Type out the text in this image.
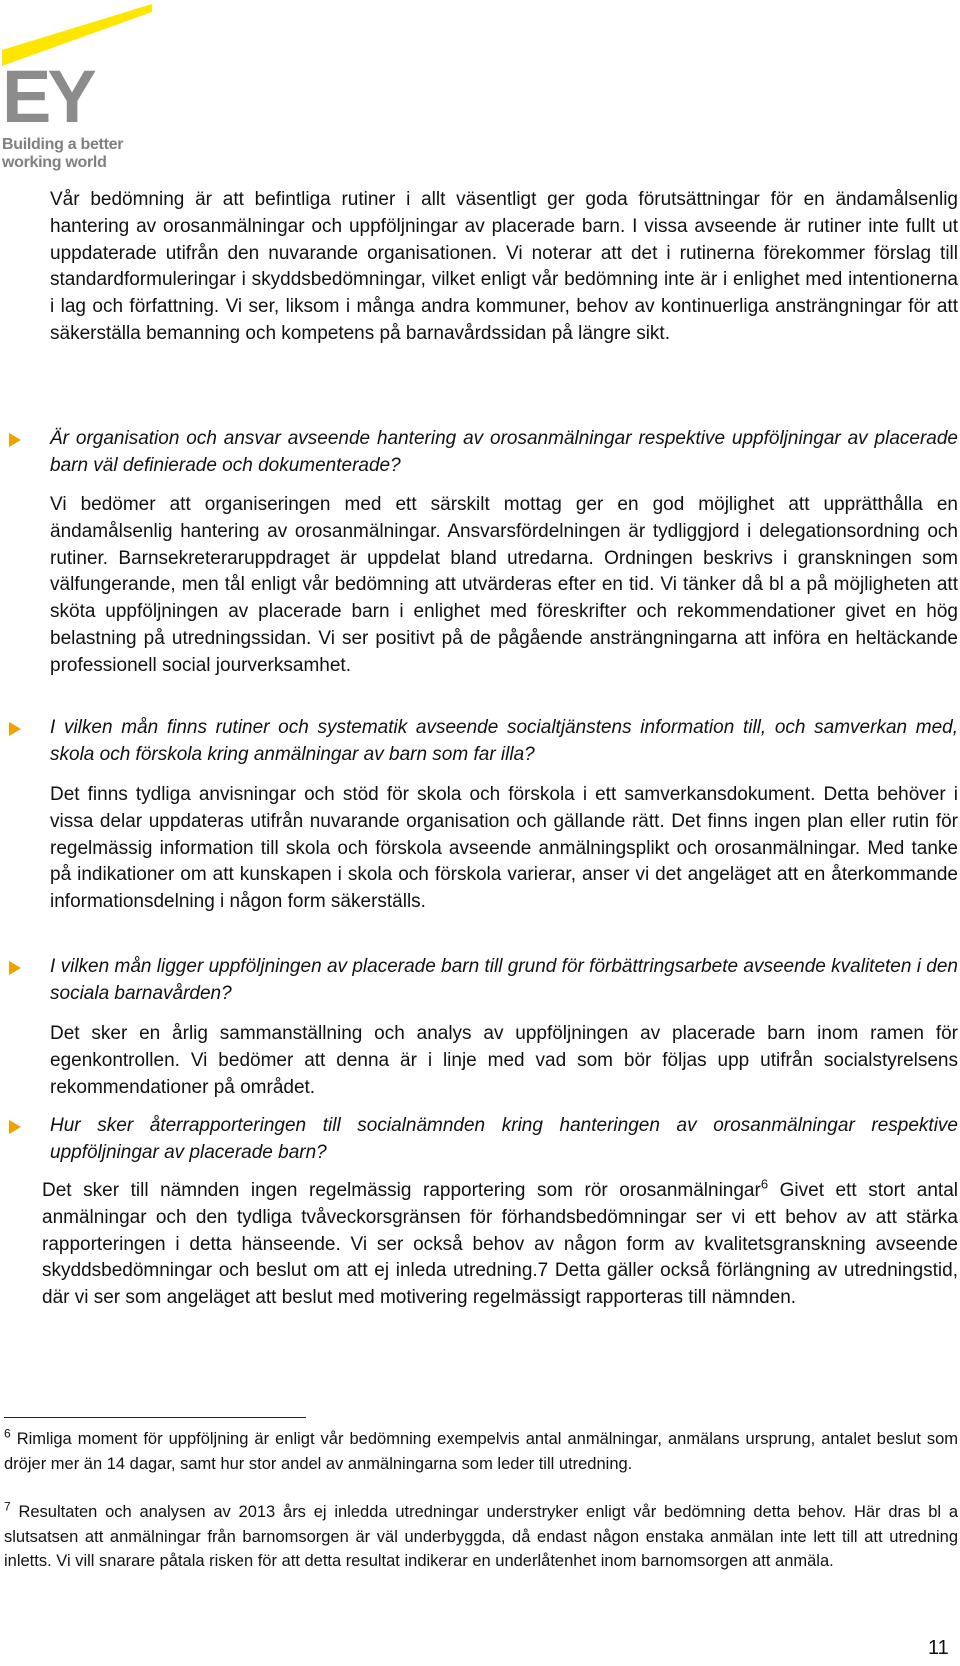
EY
Building a better
working world

Vår bedömning är att befintliga rutiner i allt väsentligt ger goda förutsättningar för en ändamålsenlig hantering av orosanmälningar och uppföljningar av placerade barn. I vissa avseende är rutiner inte fullt ut uppdaterade utifrån den nuvarande organisationen. Vi noterar att det i rutinerna förekommer förslag till standardformuleringar i skyddsbedömningar, vilket enligt vår bedömning inte är i enlighet med intentionerna i lag och författning. Vi ser, liksom i många andra kommuner, behov av kontinuerliga ansträngningar för att säkerställa bemanning och kompetens på barnavårdssidan på längre sikt.

Är organisation och ansvar avseende hantering av orosanmälningar respektive uppföljningar av placerade barn väl definierade och dokumenterade?

Vi bedömer att organiseringen med ett särskilt mottag ger en god möjlighet att upprätthålla en ändamålsenlig hantering av orosanmälningar. Ansvarsfördelningen är tydliggjord i delegationsordning och rutiner. Barnsekreterаruppdraget är uppdelat bland utredarna. Ordningen beskrivs i granskningen som välfungerande, men tål enligt vår bedömning att utvärderas efter en tid. Vi tänker då bl a på möjligheten att sköta uppföljningen av placerade barn i enlighet med föreskrifter och rekommendationer givet en hög belastning på utredningssidan. Vi ser positivt på de pågående ansträngningarna att införa en heltäckande professionell social jourverksamhet.

I vilken mån finns rutiner och systematik avseende socialtjänstens information till, och samverkan med, skola och förskola kring anmälningar av barn som far illa?

Det finns tydliga anvisningar och stöd för skola och förskola i ett samverkansdokument. Detta behöver i vissa delar uppdateras utifrån nuvarande organisation och gällande rätt. Det finns ingen plan eller rutin för regelmässig information till skola och förskola avseende anmälningsplikt och orosanmälningar. Med tanke på indikationer om att kunskapen i skola och förskola varierar, anser vi det angeläget att en återkommande informationsdelning i någon form säkerställs.

I vilken mån ligger uppföljningen av placerade barn till grund för förbättringsarbete avseende kvaliteten i den sociala barnavården?

Det sker en årlig sammanställning och analys av uppföljningen av placerade barn inom ramen för egenkontrollen. Vi bedömer att denna är i linje med vad som bör följas upp utifrån socialstyrelsens rekommendationer på området.

Hur sker återrapporteringen till socialnämnden kring hanteringen av orosanmälningar respektive uppföljningar av placerade barn?

Det sker till nämnden ingen regelmässig rapportering som rör orosanmälningar$^6$ Givet ett stort antal anmälningar och den tydliga tvåveckorsgränsen för förhandsbedömningar ser vi ett behov av att stärka rapporteringen i detta hänseende. Vi ser också behov av någon form av kvalitetsgranskning avseende skyddsbedömningar och beslut om att ej inleda utredning.7 Detta gäller också förlängning av utredningstid, där vi ser som angeläget att beslut med motivering regelmässigt rapporteras till nämnden.

$^6$ Rimliga moment för uppföljning är enligt vår bedömning exempelvis antal anmälningar, anmälans ursprung, antalet beslut som dröjer mer än 14 dagar, samt hur stor andel av anmälningarna som leder till utredning.

$^7$ Resultaten och analysen av 2013 års ej inledda utredningar understryker enligt vår bedömning detta behov. Här dras bl a slutsatsen att anmälningar från barnomsorgen är väl underbyggda, då endast någon enstaka anmälan inte lett till att utredning inletts. Vi vill snarare påtala risken för att detta resultat indikerar en underlåtenhet inom barnomsorgen att anmäla.

11
